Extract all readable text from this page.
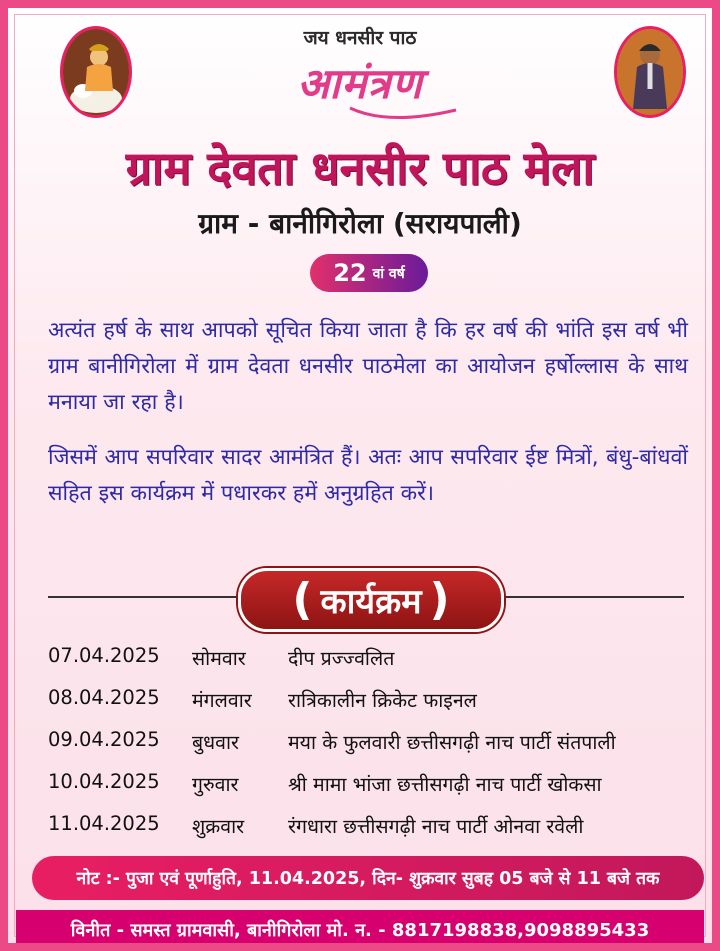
जय धनसीर पाठ
आमंत्रण
ग्राम देवता धनसीर पाठ मेला
ग्राम - बानीगिरोला (सरायपाली)
22 वां वर्ष
अत्यंत हर्ष के साथ आपको सूचित किया जाता है कि हर वर्ष की भांति इस वर्ष भी ग्राम बानीगिरोला में ग्राम देवता धनसीर पाठमेला का आयोजन हर्षोल्लास के साथ मनाया जा रहा है।
जिसमें आप सपरिवार सादर आमंत्रित हैं। अतः आप सपरिवार ईष्ट मित्रों, बंधु-बांधवों सहित इस कार्यक्रम में पधारकर हमें अनुग्रहित करें।
( कार्यक्रम )
07.04.2025 सोमवार दीप प्रज्ज्वलित
08.04.2025 मंगलवार रात्रिकालीन क्रिकेट फाइनल
09.04.2025 बुधवार	मया के फुलवारी छत्तीसगढ़ी नाच पार्टी संतपाली
10.04.2025 गुरुवार	श्री मामा भांजा छत्तीसगढ़ी नाच पार्टी खोकसा
11.04.2025 शुक्रवार रंगधारा छत्तीसगढ़ी नाच पार्टी ओनवा रवेली
नोट :- पुजा एवं पूर्णाहुति, 11.04.2025, दिन- शुक्रवार सुबह 05 बजे से 11 बजे तक
विनीत - समस्त ग्रामवासी, बानीगिरोला मो. न. - 8817198838,9098895433
